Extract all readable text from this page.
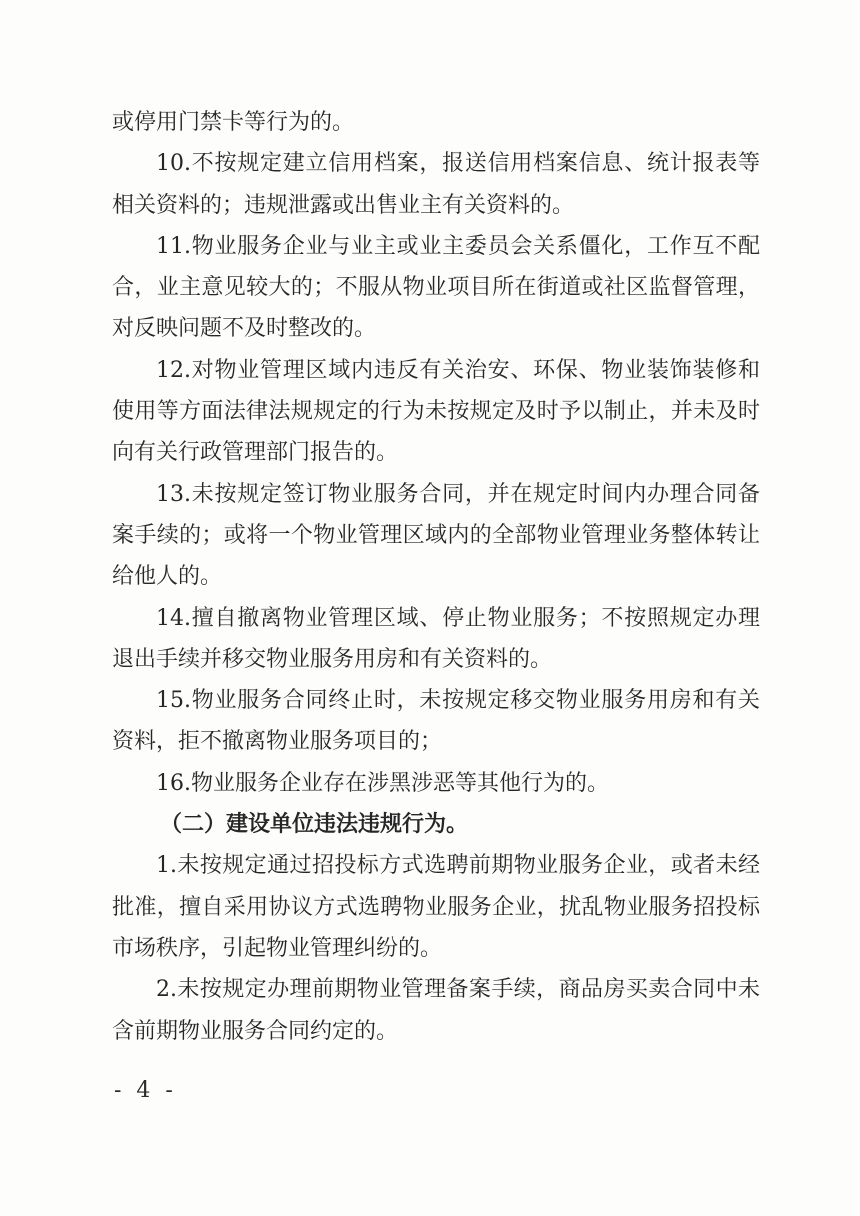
或停用门禁卡等行为的。

10.不按规定建立信用档案，报送信用档案信息、统计报表等相关资料的；违规泄露或出售业主有关资料的。

11.物业服务企业与业主或业主委员会关系僵化，工作互不配合，业主意见较大的；不服从物业项目所在街道或社区监督管理，对反映问题不及时整改的。

12.对物业管理区域内违反有关治安、环保、物业装饰装修和使用等方面法律法规规定的行为未按规定及时予以制止，并未及时向有关行政管理部门报告的。

13.未按规定签订物业服务合同，并在规定时间内办理合同备案手续的；或将一个物业管理区域内的全部物业管理业务整体转让给他人的。

14.擅自撤离物业管理区域、停止物业服务；不按照规定办理退出手续并移交物业服务用房和有关资料的。

15.物业服务合同终止时，未按规定移交物业服务用房和有关资料，拒不撤离物业服务项目的；

16.物业服务企业存在涉黑涉恶等其他行为的。

（二）建设单位违法违规行为。

1.未按规定通过招投标方式选聘前期物业服务企业，或者未经批准，擅自采用协议方式选聘物业服务企业，扰乱物业服务招投标市场秩序，引起物业管理纠纷的。

2.未按规定办理前期物业管理备案手续，商品房买卖合同中未含前期物业服务合同约定的。

- 4 -
